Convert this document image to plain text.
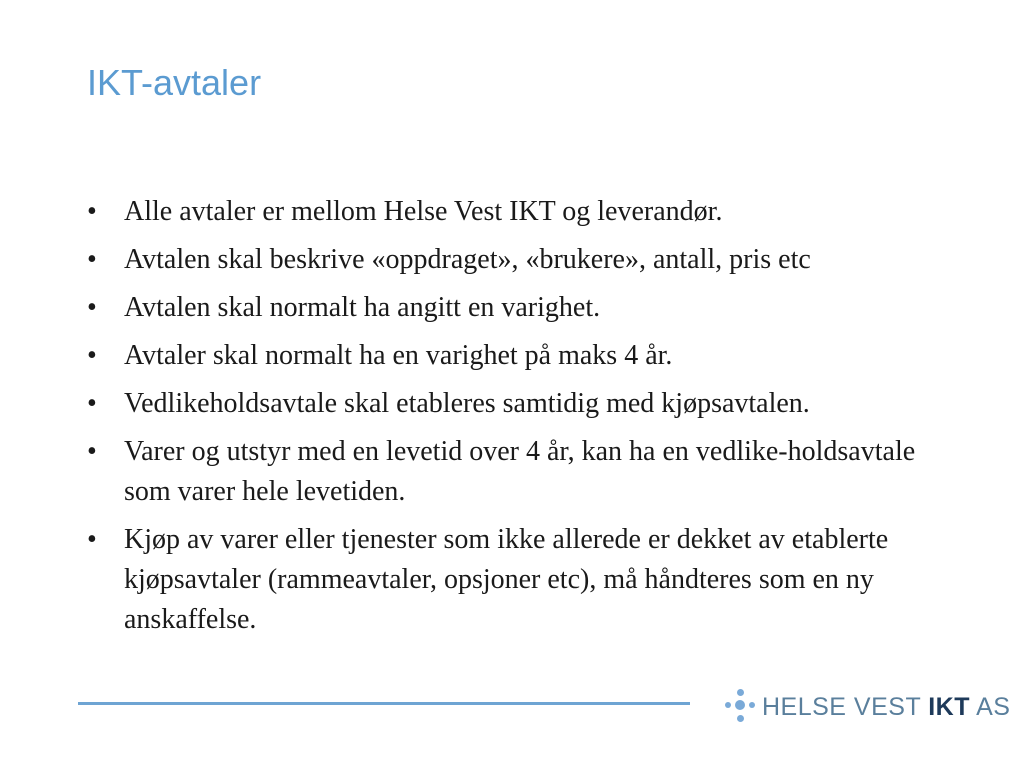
IKT-avtaler
• Alle avtaler er mellom Helse Vest IKT og leverandør.
• Avtalen skal beskrive «oppdraget», «brukere», antall, pris etc
• Avtalen skal normalt ha angitt en varighet.
• Avtaler skal normalt ha en varighet på maks 4 år.
• Vedlikeholdsavtale skal etableres samtidig med kjøpsavtalen.
• Varer og utstyr med en levetid over 4 år, kan ha en vedlike-holdsavtale som varer hele levetiden.
• Kjøp av varer eller tjenester som ikke allerede er dekket av etablerte kjøpsavtaler (rammeavtaler, opsjoner etc), må håndteres som en ny anskaffelse.
HELSE VEST IKT AS
